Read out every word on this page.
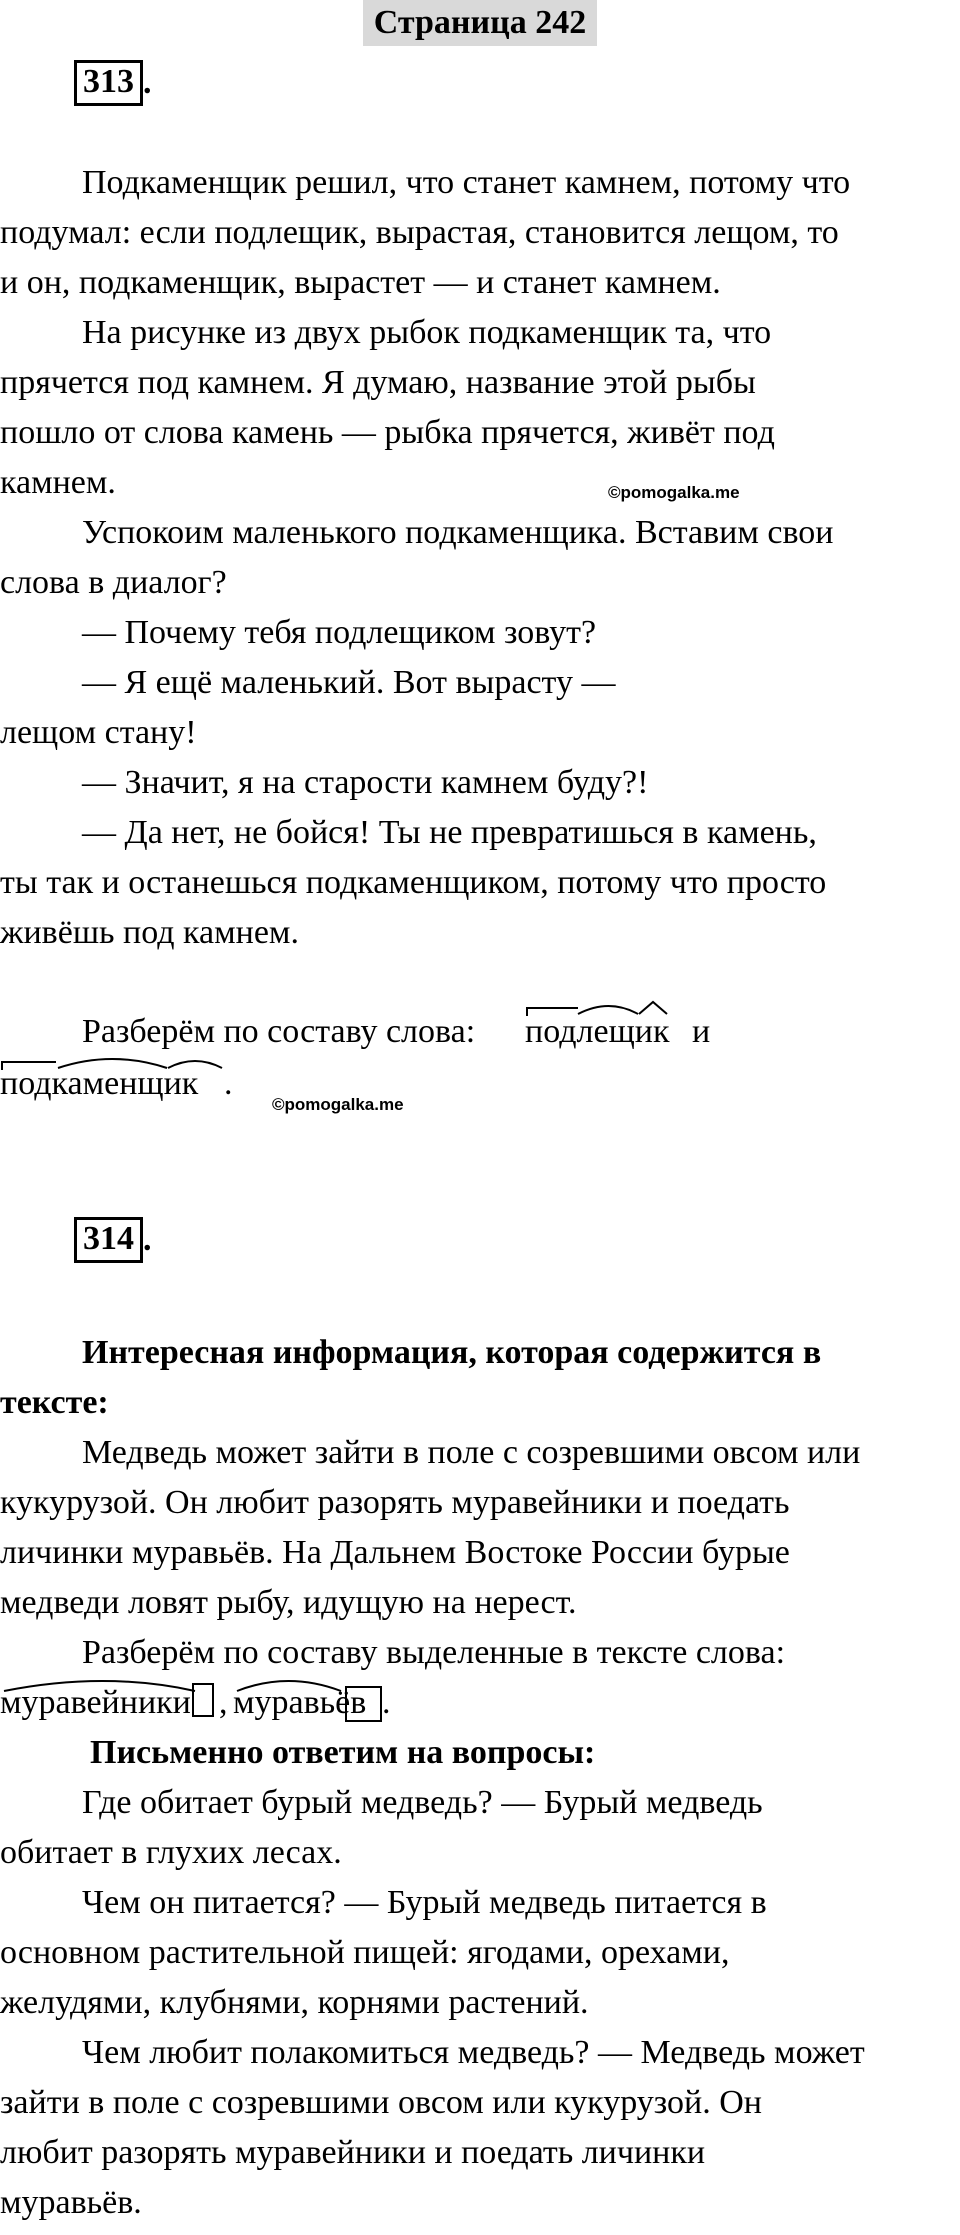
Страница 242
313 .
Подкаменщик решил, что станет камнем, потому что
подумал: если подлещик, вырастая, становится лещом, то
и он, подкаменщик, вырастет — и станет камнем.
На рисунке из двух рыбок подкаменщик та, что
прячется под камнем. Я думаю, название этой рыбы
пошло от слова камень — рыбка прячется, живёт под
камнем.	©pomogalka.me
Успокоим маленького подкаменщика. Вставим свои
слова в диалог?
— Почему тебя подлещиком зовут?
— Я ещё маленький. Вот вырасту —
лещом стану!
— Значит, я на старости камнем буду?!
— Да нет, не бойся! Ты не превратишься в камень,
ты так и останешься подкаменщиком, потому что просто
живёшь под камнем.
Разберём по составу слова: подлещик и
подкаменщик .
©pomogalka.me
314 .
Интересная информация, которая содержится в
тексте:
Медведь может зайти в поле с созревшими овсом или
кукурузой. Он любит разорять муравейники и поедать
личинки муравьёв. На Дальнем Востоке России бурые
медведи ловят рыбу, идущую на нерест.
Разберём по составу выделенные в тексте слова:
муравейники , муравьёв .
Письменно ответим на вопросы:
Где обитает бурый медведь? — Бурый медведь
обитает в глухих лесах.
Чем он питается? — Бурый медведь питается в
основном растительной пищей: ягодами, орехами,
желудями, клубнями, корнями растений.
Чем любит полакомиться медведь? — Медведь может
зайти в поле с созревшими овсом или кукурузой. Он
любит разорять муравейники и поедать личинки
муравьёв.
